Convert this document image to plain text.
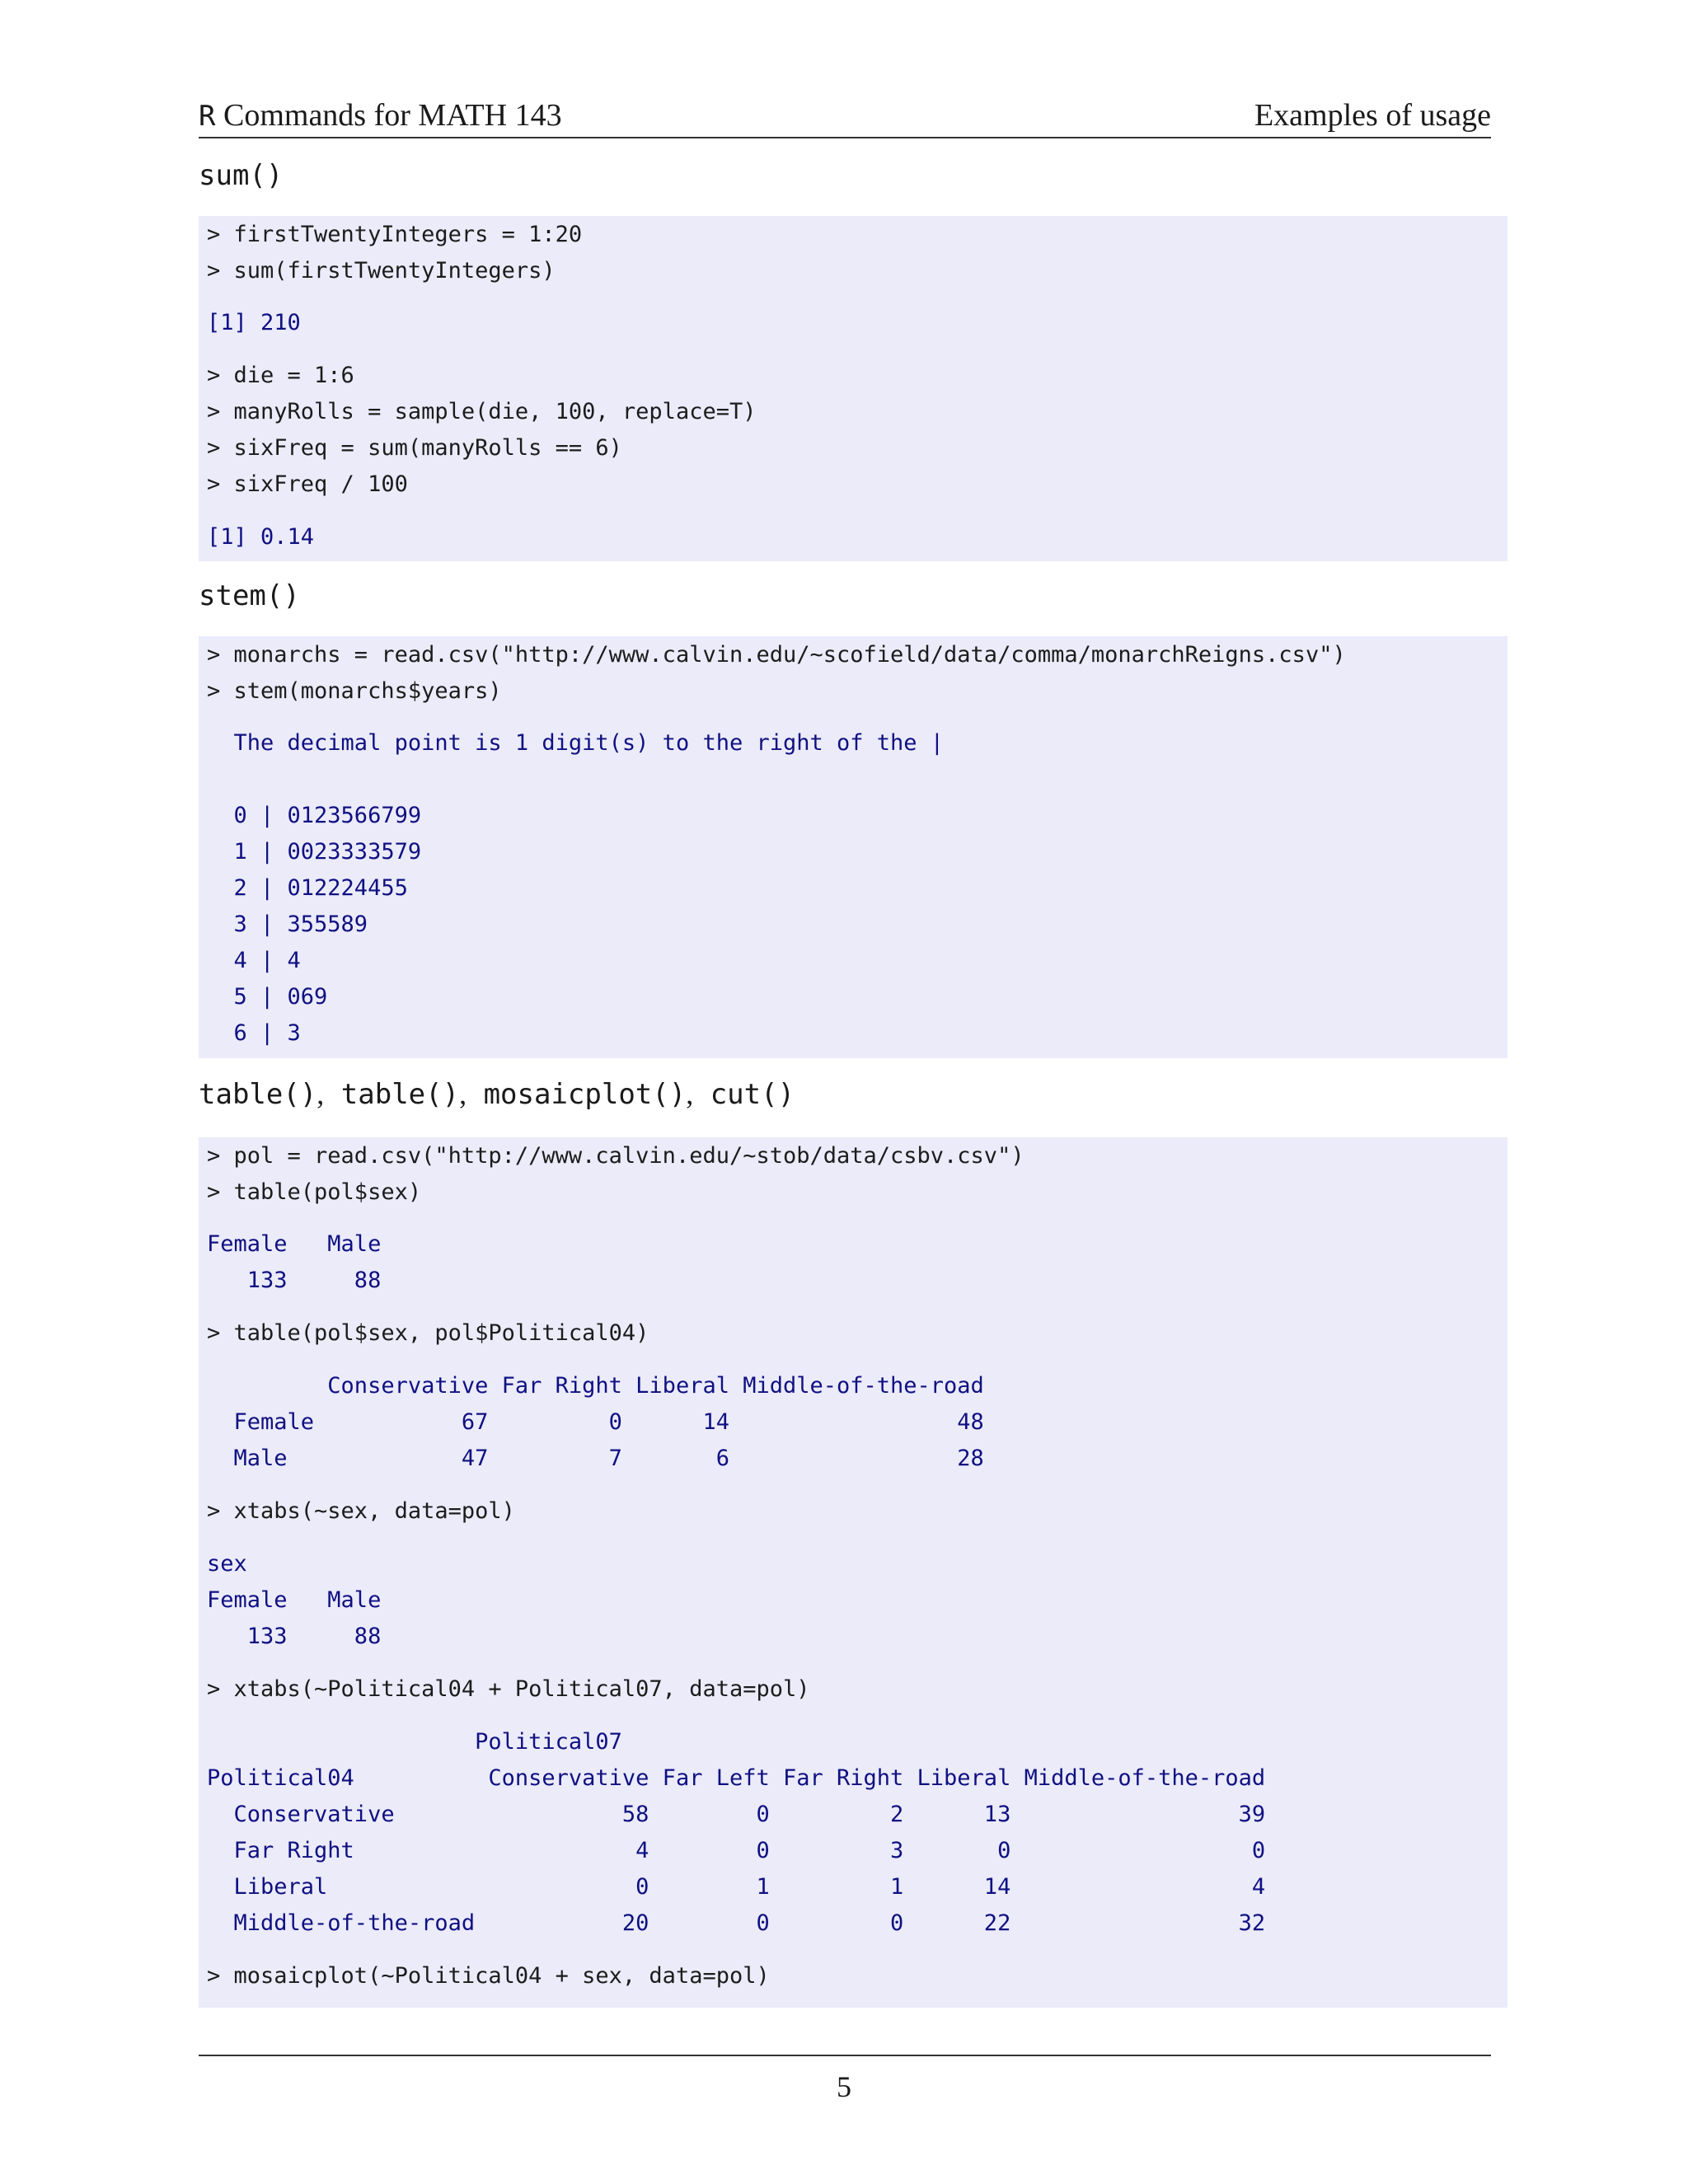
R Commands for MATH 143	Examples of usage
sum()
> firstTwentyIntegers = 1:20
> sum(firstTwentyIntegers)
[1] 210
> die = 1:6
> manyRolls = sample(die, 100, replace=T)
> sixFreq = sum(manyRolls == 6)
> sixFreq / 100
[1] 0.14
stem()
> monarchs = read.csv("http://www.calvin.edu/~scofield/data/comma/monarchReigns.csv")
> stem(monarchs$years)
The decimal point is 1 digit(s) to the right of the |
0 | 0123566799
1 | 0023333579
2 | 012224455
3 | 355589
4 | 4
5 | 069
6 | 3
table(), table(), mosaicplot(), cut()
> pol = read.csv("http://www.calvin.edu/~stob/data/csbv.csv")
> table(pol$sex)
Female   Male
133     88
> table(pol$sex, pol$Political04)
Conservative Far Right Liberal Middle-of-the-road
Female           67         0      14                 48
Male             47         7       6                 28
> xtabs(~sex, data=pol)
sex
Female   Male
133     88
> xtabs(~Political04 + Political07, data=pol)
Political07
Political04          Conservative Far Left Far Right Liberal Middle-of-the-road
Conservative                 58        0         2      13                 39
Far Right                     4        0         3       0                  0
Liberal                       0        1         1      14                  4
Middle-of-the-road           20        0         0      22                 32
> mosaicplot(~Political04 + sex, data=pol)
5
